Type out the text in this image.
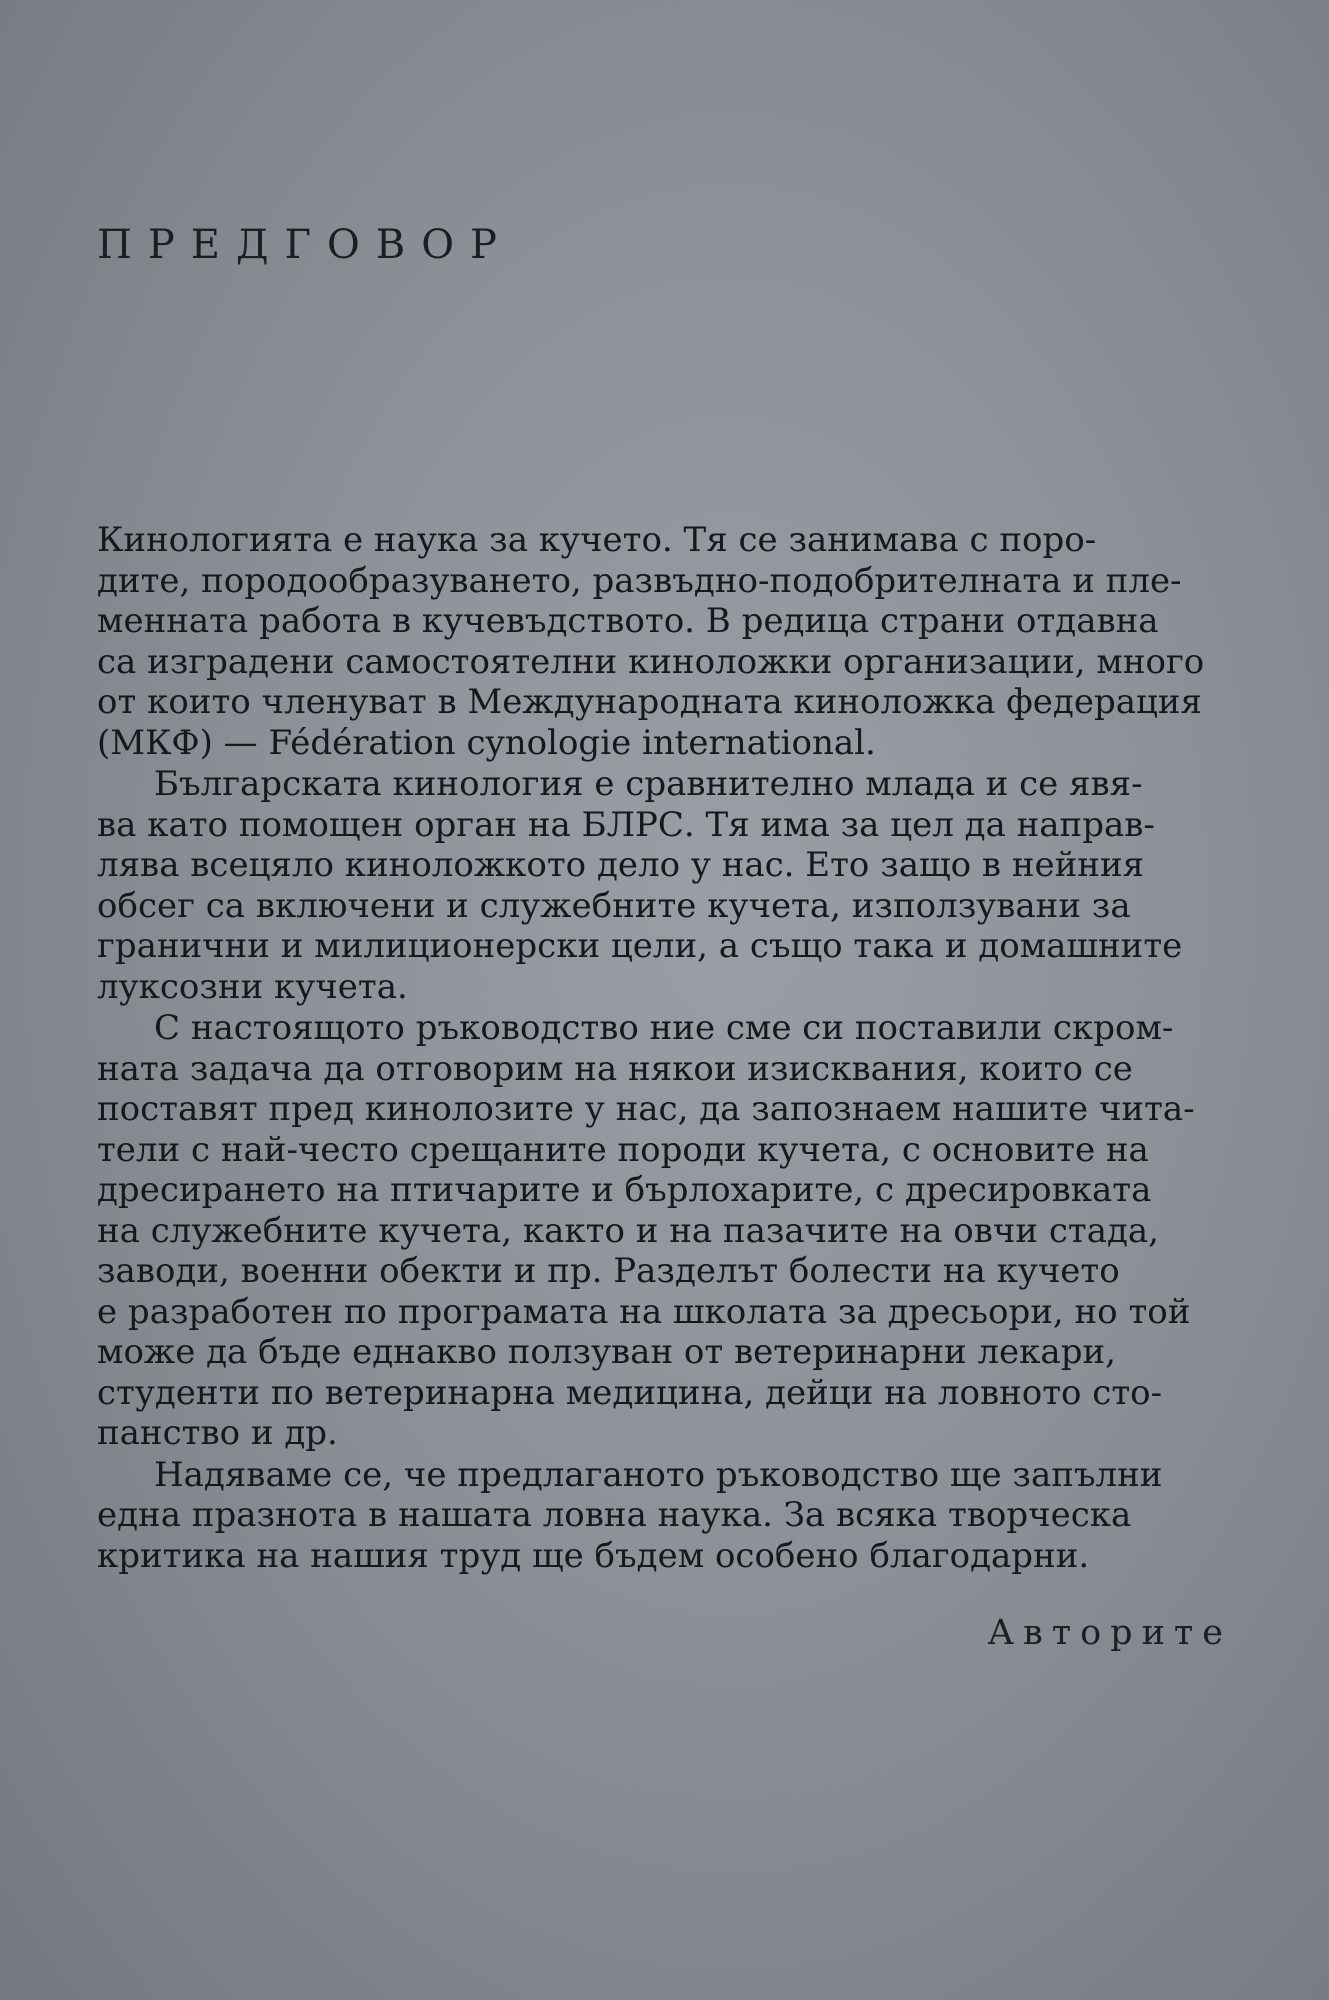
ПРЕДГОВОР

Кинологията е наука за кучето. Тя се занимава с поро-
дите, породообразуването, развъдно-подобрителната и пле-
менната работа в кучевъдството. В редица страни отдавна
са изградени самостоятелни кинoложки организации, много
от които членуват в Международната кинoложка федерация
(МКФ) — Fédération cynologie international.

Българската кинология е сравнително млада и се явя-
ва като помощен орган на БЛРС. Тя има за цел да направ-
лява всецяло кинoложкото дело у нас. Ето защо в нейния
обсег са включени и служебните кучета, използувани за
гранични и милиционерски цели, а също така и домашните
луксозни кучета.

С настоящото ръководство ние сме си поставили скром-
ната задача да отговорим на някои изисквания, които се
поставят пред кинолозите у нас, да запознаем нашите чита-
тели с най-често срещаните породи кучета, с основите на
дресирането на птичарите и бърлохарите, с дресировката
на служебните кучета, както и на пазачите на овчи стада,
заводи, военни обекти и пр. Разделът болести на кучето
е разработен по програмата на школата за дресьори, но той
може да бъде еднакво ползуван от ветеринарни лекари,
студенти по ветеринарна медицина, дейци на ловното сто-
панство и др.

Надяваме се, че предлаганото ръководство ще запълни
една празнота в нашата ловна наука. За всяка творческа
критика на нашия труд ще бъдем особено благодарни.

Авторите
